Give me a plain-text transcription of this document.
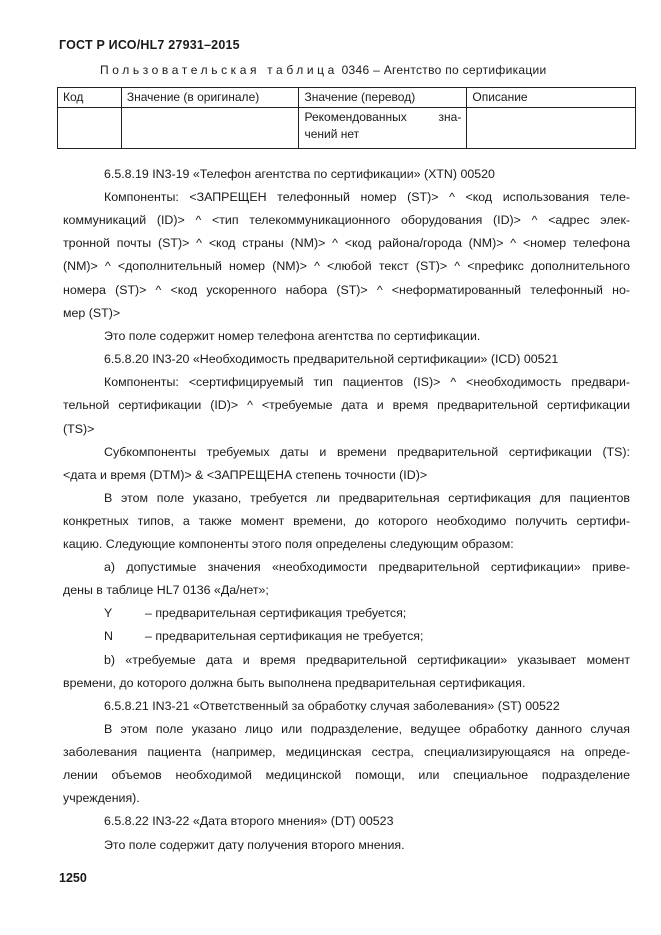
ГОСТ Р ИСО/HL7 27931–2015
Пользовательская таблица 0346 – Агентство по сертификации
Код	Значение (в оригинале)	Значение (перевод)	Описание

		Рекомендованных зна-
чений нет	

6.5.8.19 IN3-19 «Телефон агентства по сертификации» (XTN) 00520
Компоненты: <ЗАПРЕЩЕН телефонный номер (ST)> ^ <код использования теле-
коммуникаций (ID)> ^ <тип телекоммуникационного оборудования (ID)> ^ <адрес элек-
тронной почты (ST)> ^ <код страны (NM)> ^ <код района/города (NM)> ^ <номер телефона
(NM)> ^ <дополнительный номер (NM)> ^ <любой текст (ST)> ^ <префикс дополнительного
номера (ST)> ^ <код ускоренного набора (ST)> ^ <неформатированный телефонный но-
мер (ST)>
Это поле содержит номер телефона агентства по сертификации.
6.5.8.20 IN3-20 «Необходимость предварительной сертификации» (ICD) 00521
Компоненты: <сертифицируемый тип пациентов (IS)> ^ <необходимость предвари-
тельной сертификации (ID)> ^ <требуемые дата и время предварительной сертификации
(TS)>
Субкомпоненты требуемых даты и времени предварительной сертификации (TS):
<дата и время (DTM)> & <ЗАПРЕЩЕНА степень точности (ID)>
В этом поле указано, требуется ли предварительная сертификация для пациентов
конкретных типов, а также момент времени, до которого необходимо получить сертифи-
кацию. Следующие компоненты этого поля определены следующим образом:
а) допустимые значения «необходимости предварительной сертификации» приве-
дены в таблице HL7 0136 «Да/нет»;
Y	– предварительная сертификация требуется;
N	– предварительная сертификация не требуется;
b) «требуемые дата и время предварительной сертификации» указывает момент
времени, до которого должна быть выполнена предварительная сертификация.
6.5.8.21 IN3-21 «Ответственный за обработку случая заболевания» (ST) 00522
В этом поле указано лицо или подразделение, ведущее обработку данного случая
заболевания пациента (например, медицинская сестра, специализирующаяся на опреде-
лении объемов необходимой медицинской помощи, или специальное подразделение
учреждения).
6.5.8.22 IN3-22 «Дата второго мнения» (DT) 00523
Это поле содержит дату получения второго мнения.
1250
